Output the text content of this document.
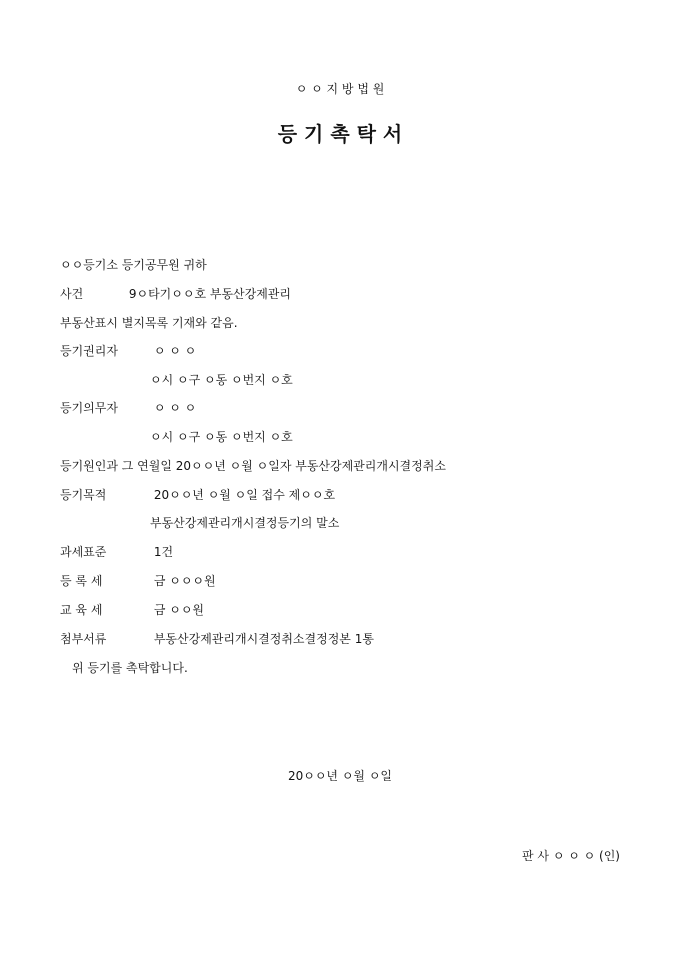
ㅇ ㅇ 지 방 법 원
등 기 촉 탁 서
ㅇㅇ등기소 등기공무원 귀하
사건	9ㅇ타기ㅇㅇ호 부동산강제관리
부동산표시 별지목록 기재와 같음.
등기권리자	ㅇ ㅇ ㅇ
ㅇ시 ㅇ구 ㅇ동 ㅇ번지 ㅇ호
등기의무자	ㅇ ㅇ ㅇ
ㅇ시 ㅇ구 ㅇ동 ㅇ번지 ㅇ호
등기원인과 그 연월일 20ㅇㅇ년 ㅇ월 ㅇ일자 부동산강제관리개시결정취소
등기목적	20ㅇㅇ년 ㅇ월 ㅇ일 접수 제ㅇㅇ호
부동산강제관리개시결정등기의 말소
과세표준	1건
등 록 세	금 ㅇㅇㅇ원
교 육 세	금 ㅇㅇ원
첨부서류	부동산강제관리개시결정취소결정정본 1통
위 등기를 촉탁합니다.
20ㅇㅇ년 ㅇ월 ㅇ일
판 사 ㅇ ㅇ ㅇ (인)
